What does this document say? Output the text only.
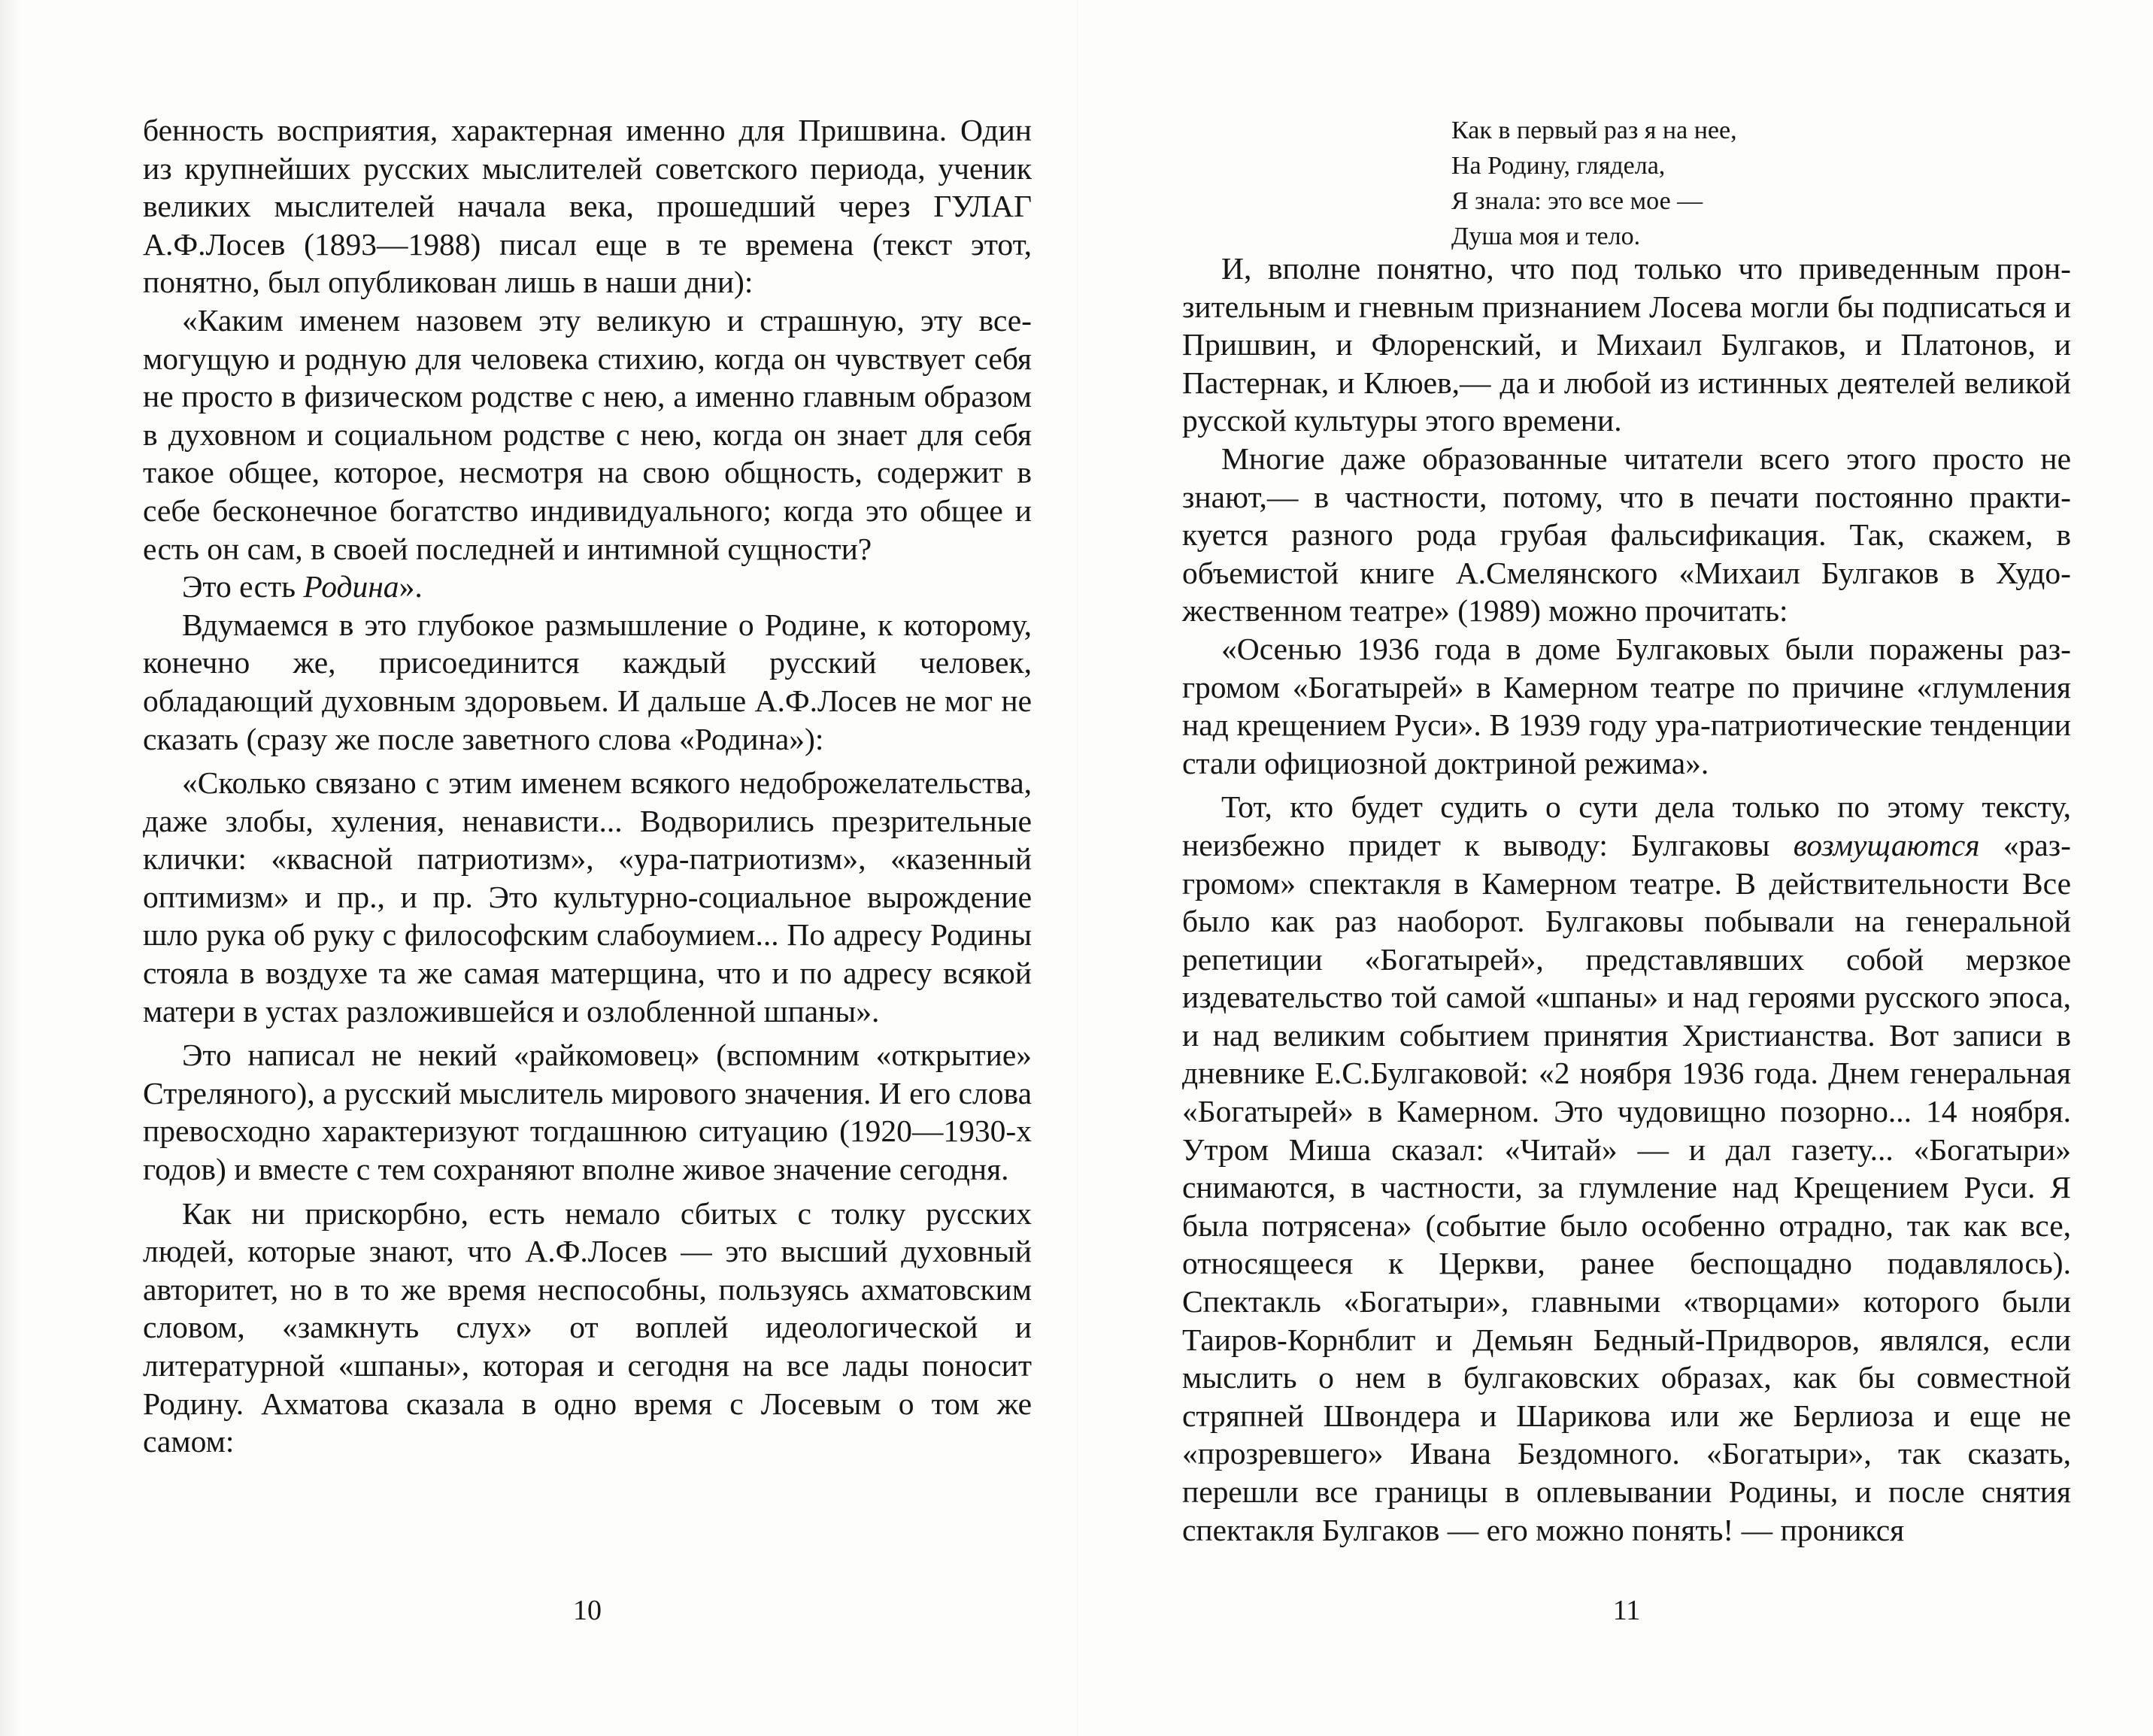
бенность восприятия, характерная именно для Пришвина. Один из крупнейших русских мыслителей советского периода, ученик великих мыслителей начала века, прошедший через ГУЛАГ А.Ф.Лосев (1893—1988) писал еще в те времена (текст этот, понятно, был опубликован лишь в наши дни):

«Каким именем назовем эту великую и страшную, эту всемогущую и родную для человека стихию, когда он чувствует себя не просто в физическом родстве с нею, а именно главным образом в духовном и социальном родстве с нею, когда он знает для себя такое общее, которое, несмотря на свою общность, содержит в себе бесконечное богатство индивидуального; когда это общее и есть он сам, в своей последней и интимной сущности?

Это есть Родина».

Вдумаемся в это глубокое размышление о Родине, к которому, конечно же, присоединится каждый русский человек, обладающий духовным здоровьем. И дальше А.Ф.Лосев не мог не сказать (сразу же после заветного слова «Родина»):

«Сколько связано с этим именем всякого недоброжелательства, даже злобы, хуления, ненависти... Водворились презрительные клички: «квасной патриотизм», «ура-патриотизм», «казенный оптимизм» и пр., и пр. Это культурно-социальное вырождение шло рука об руку с философским слабоумием... По адресу Родины стояла в воздухе та же самая матерщина, что и по адресу всякой матери в устах разложившейся и озлобленной шпаны».

Это написал не некий «райкомовец» (вспомним «открытие» Стреляного), а русский мыслитель мирового значения. И его слова превосходно характеризуют тогдашнюю ситуацию (1920—1930-х годов) и вместе с тем сохраняют вполне живое значение сегодня.

Как ни прискорбно, есть немало сбитых с толку русских людей, которые знают, что А.Ф.Лосев — это высший духовный авторитет, но в то же время неспособны, пользуясь ахматовским словом, «замкнуть слух» от воплей идеологической и литературной «шпаны», которая и сегодня на все лады поносит Родину. Ахматова сказала в одно время с Лосевым о том же самом:

10
Как в первый раз я на нее,
На Родину, глядела,
Я знала: это все мое —
Душа моя и тело.

И, вполне понятно, что под только что приведенным пронзительным и гневным признанием Лосева могли бы подписаться и Пришвин, и Флоренский, и Михаил Булгаков, и Платонов, и Пастернак, и Клюев,— да и любой из истинных деятелей великой русской культуры этого времени.

Многие даже образованные читатели всего этого просто не знают,— в частности, потому, что в печати постоянно практикуется разного рода грубая фальсификация. Так, скажем, в объемистой книге А.Смелянского «Михаил Булгаков в Художественном театре» (1989) можно прочитать:

«Осенью 1936 года в доме Булгаковых были поражены разгромом «Богатырей» в Камерном театре по причине «глумления над крещением Руси». В 1939 году ура-патриотические тенденции стали официозной доктриной режима».

Тот, кто будет судить о сути дела только по этому тексту, неизбежно придет к выводу: Булгаковы возмущаются «разгромом» спектакля в Камерном театре. В действительности Все было как раз наоборот. Булгаковы побывали на генеральной репетиции «Богатырей», представлявших собой мерзкое издевательство той самой «шпаны» и над героями русского эпоса, и над великим событием принятия Христианства. Вот записи в дневнике Е.С.Булгаковой: «2 ноября 1936 года. Днем генеральная «Богатырей» в Камерном. Это чудовищно позорно... 14 ноября. Утром Миша сказал: «Читай» — и дал газету... «Богатыри» снимаются, в частности, за глумление над Крещением Руси. Я была потрясена» (событие было особенно отрадно, так как все, относящееся к Церкви, ранее беспощадно подавлялось). Спектакль «Богатыри», главными «творцами» которого были Таиров-Корнблит и Демьян Бедный-Придворов, являлся, если мыслить о нем в булгаковских образах, как бы совместной стряпней Швондера и Шарикова или же Берлиоза и еще не «прозревшего» Ивана Бездомного. «Богатыри», так сказать, перешли все границы в оплевывании Родины, и после снятия спектакля Булгаков — его можно понять! — проникся

11
